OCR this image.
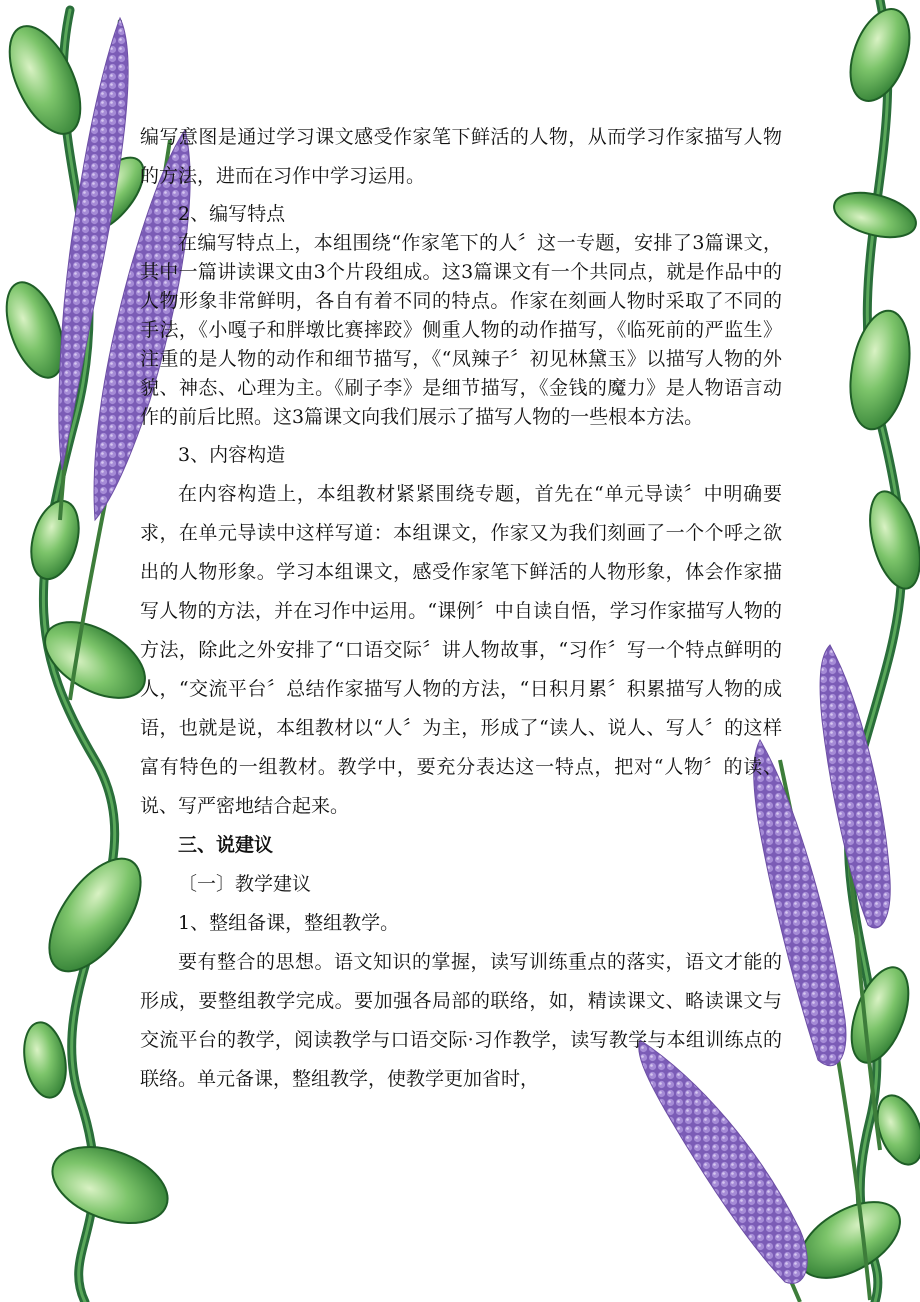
编写意图是通过学习课文感受作家笔下鲜活的人物，从而学习作家描写人物的方法，进而在习作中学习运用。

2、编写特点

在编写特点上，本组围绕“作家笔下的人〞这一专题，安排了3篇课文，其中一篇讲读课文由3个片段组成。这3篇课文有一个共同点，就是作品中的人物形象非常鲜明，各自有着不同的特点。作家在刻画人物时采取了不同的手法，《小嘎子和胖墩比赛摔跤》侧重人物的动作描写，《临死前的严监生》注重的是人物的动作和细节描写，《“凤辣子〞初见林黛玉》以描写人物的外貌、神态、心理为主。《刷子李》是细节描写，《金钱的魔力》是人物语言动作的前后比照。这3篇课文向我们展示了描写人物的一些根本方法。

3、内容构造

在内容构造上，本组教材紧紧围绕专题，首先在“单元导读〞中明确要求，在单元导读中这样写道：本组课文，作家又为我们刻画了一个个呼之欲出的人物形象。学习本组课文，感受作家笔下鲜活的人物形象，体会作家描写人物的方法，并在习作中运用。“课例〞中自读自悟，学习作家描写人物的方法，除此之外安排了“口语交际〞讲人物故事，“习作〞写一个特点鲜明的人，“交流平台〞总结作家描写人物的方法，“日积月累〞积累描写人物的成语，也就是说，本组教材以“人〞为主，形成了“读人、说人、写人〞的这样富有特色的一组教材。教学中，要充分表达这一特点，把对“人物〞的读、说、写严密地结合起来。

三、说建议

〔一〕教学建议

1、整组备课，整组教学。

要有整合的思想。语文知识的掌握，读写训练重点的落实，语文才能的形成，要整组教学完成。要加强各局部的联络，如，精读课文、略读课文与交流平台的教学，阅读教学与口语交际·习作教学，读写教学与本组训练点的联络。单元备课，整组教学，使教学更加省时，
